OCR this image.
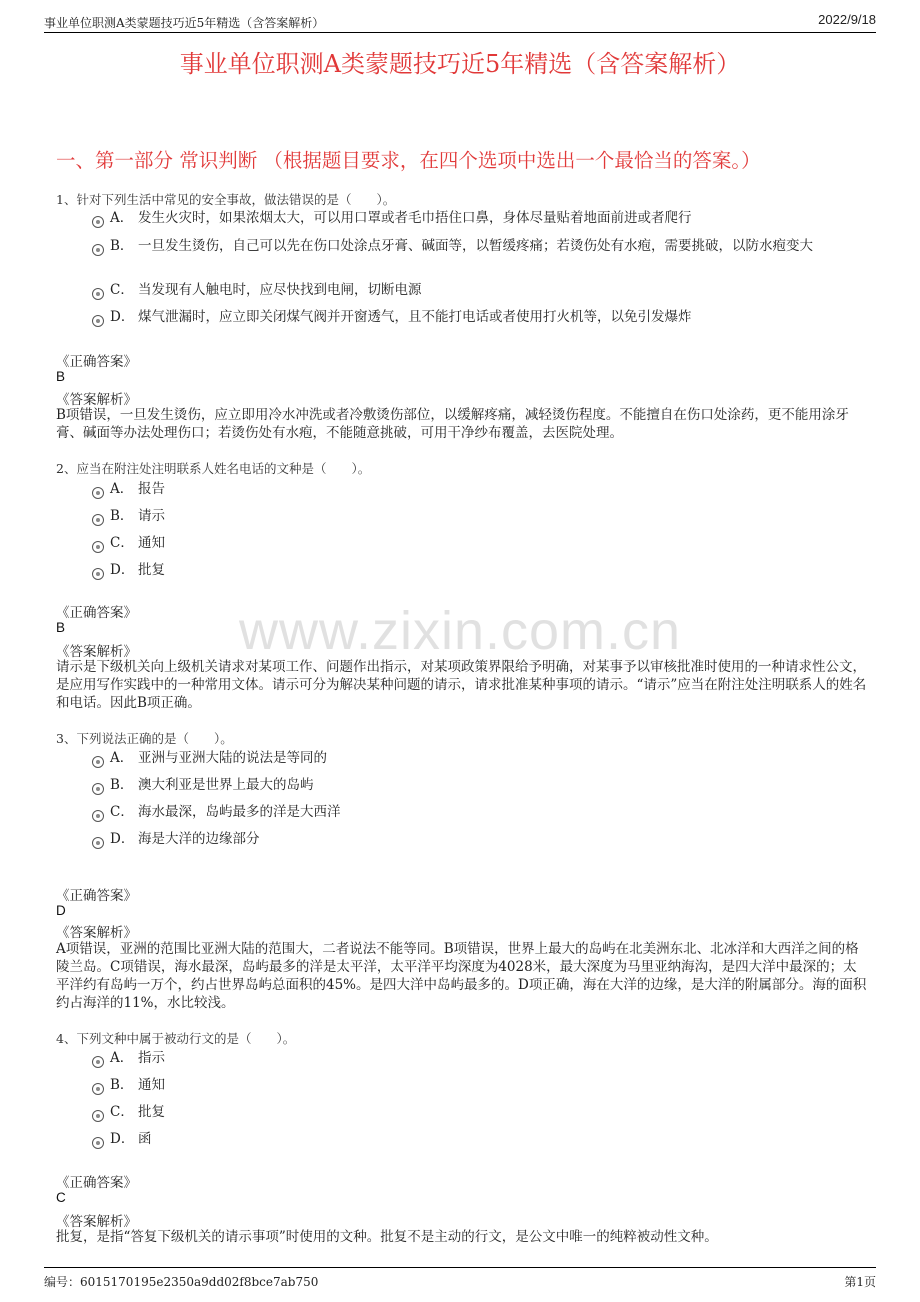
事业单位职测A类蒙题技巧近5年精选（含答案解析）	2022/9/18
事业单位职测A类蒙题技巧近5年精选（含答案解析）
一、第一部分 常识判断 （根据题目要求，在四个选项中选出一个最恰当的答案。）
www.zixin.com.cn
1、针对下列生活中常见的安全事故，做法错误的是（　　）。
A． 发生火灾时，如果浓烟太大，可以用口罩或者毛巾捂住口鼻，身体尽量贴着地面前进或者爬行
B． 一旦发生烫伤，自己可以先在伤口处涂点牙膏、碱面等，以暂缓疼痛；若烫伤处有水疱，需要挑破，以防水疱变大
C． 当发现有人触电时，应尽快找到电闸，切断电源
D． 煤气泄漏时，应立即关闭煤气阀并开窗透气，且不能打电话或者使用打火机等，以免引发爆炸
《正确答案》
B
《答案解析》
B项错误，一旦发生烫伤，应立即用冷水冲洗或者冷敷烫伤部位，以缓解疼痛，减轻烫伤程度。不能擅自在伤口处涂药，更不能用涂牙膏、碱面等办法处理伤口；若烫伤处有水疱，不能随意挑破，可用干净纱布覆盖，去医院处理。
2、应当在附注处注明联系人姓名电话的文种是（　　）。
A． 报告
B． 请示
C． 通知
D． 批复
《正确答案》
B
《答案解析》
请示是下级机关向上级机关请求对某项工作、问题作出指示，对某项政策界限给予明确，对某事予以审核批准时使用的一种请求性公文，是应用写作实践中的一种常用文体。请示可分为解决某种问题的请示，请求批准某种事项的请示。“请示”应当在附注处注明联系人的姓名和电话。因此B项正确。
3、下列说法正确的是（　　）。
A． 亚洲与亚洲大陆的说法是等同的
B． 澳大利亚是世界上最大的岛屿
C． 海水最深，岛屿最多的洋是大西洋
D． 海是大洋的边缘部分
《正确答案》
D
《答案解析》
A项错误，亚洲的范围比亚洲大陆的范围大，二者说法不能等同。B项错误，世界上最大的岛屿在北美洲东北、北冰洋和大西洋之间的格陵兰岛。C项错误，海水最深，岛屿最多的洋是太平洋，太平洋平均深度为4028米，最大深度为马里亚纳海沟，是四大洋中最深的；太平洋约有岛屿一万个，约占世界岛屿总面积的45%。是四大洋中岛屿最多的。D项正确，海在大洋的边缘，是大洋的附属部分。海的面积约占海洋的11%，水比较浅。
4、下列文种中属于被动行文的是（　　）。
A． 指示
B． 通知
C． 批复
D． 函
《正确答案》
C
《答案解析》
批复，是指“答复下级机关的请示事项”时使用的文种。批复不是主动的行文，是公文中唯一的纯粹被动性文种。
编号：6015170195e2350a9dd02f8bce7ab750	第1页
